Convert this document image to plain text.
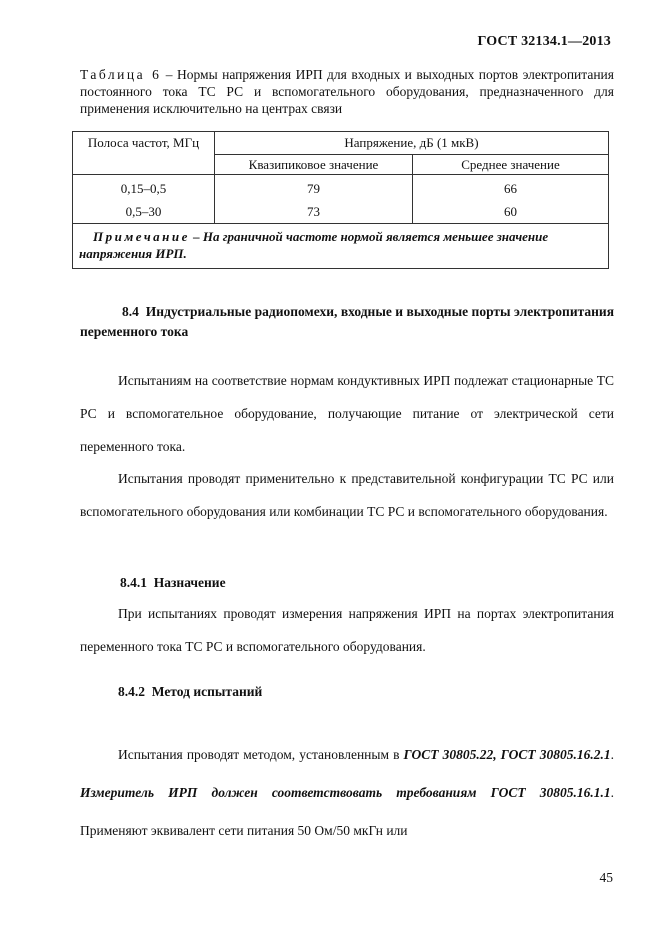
ГОСТ 32134.1—2013
Таблица 6 – Нормы напряжения ИРП для входных и выходных портов электропитания постоянного тока ТС РС и вспомогательного оборудования, предназначенного для применения исключительно на центрах связи
Полоса частот, МГц	Напряжение, дБ (1 мкВ)	
	Квазипиковое значение	Среднее значение
0,15–0,5	79	66
0,5–30	73	60
Примечание – На граничной частоте нормой является меньшее значение напряжения ИРП.		
8.4 Индустриальные радиопомехи, входные и выходные порты электропитания переменного тока
Испытаниям на соответствие нормам кондуктивных ИРП подлежат стационарные ТС РС и вспомогательное оборудование, получающие питание от электрической сети переменного тока.
Испытания проводят применительно к представительной конфигурации ТС РС или вспомогательного оборудования или комбинации ТС РС и вспомогательного оборудования.
8.4.1 Назначение
При испытаниях проводят измерения напряжения ИРП на портах электропитания переменного тока ТС РС и вспомогательного оборудования.
8.4.2 Метод испытаний
Испытания проводят методом, установленным в ГОСТ 30805.22, ГОСТ 30805.16.2.1. Измеритель ИРП должен соответствовать требованиям ГОСТ 30805.16.1.1. Применяют эквивалент сети питания 50 Ом/50 мкГн или
45
